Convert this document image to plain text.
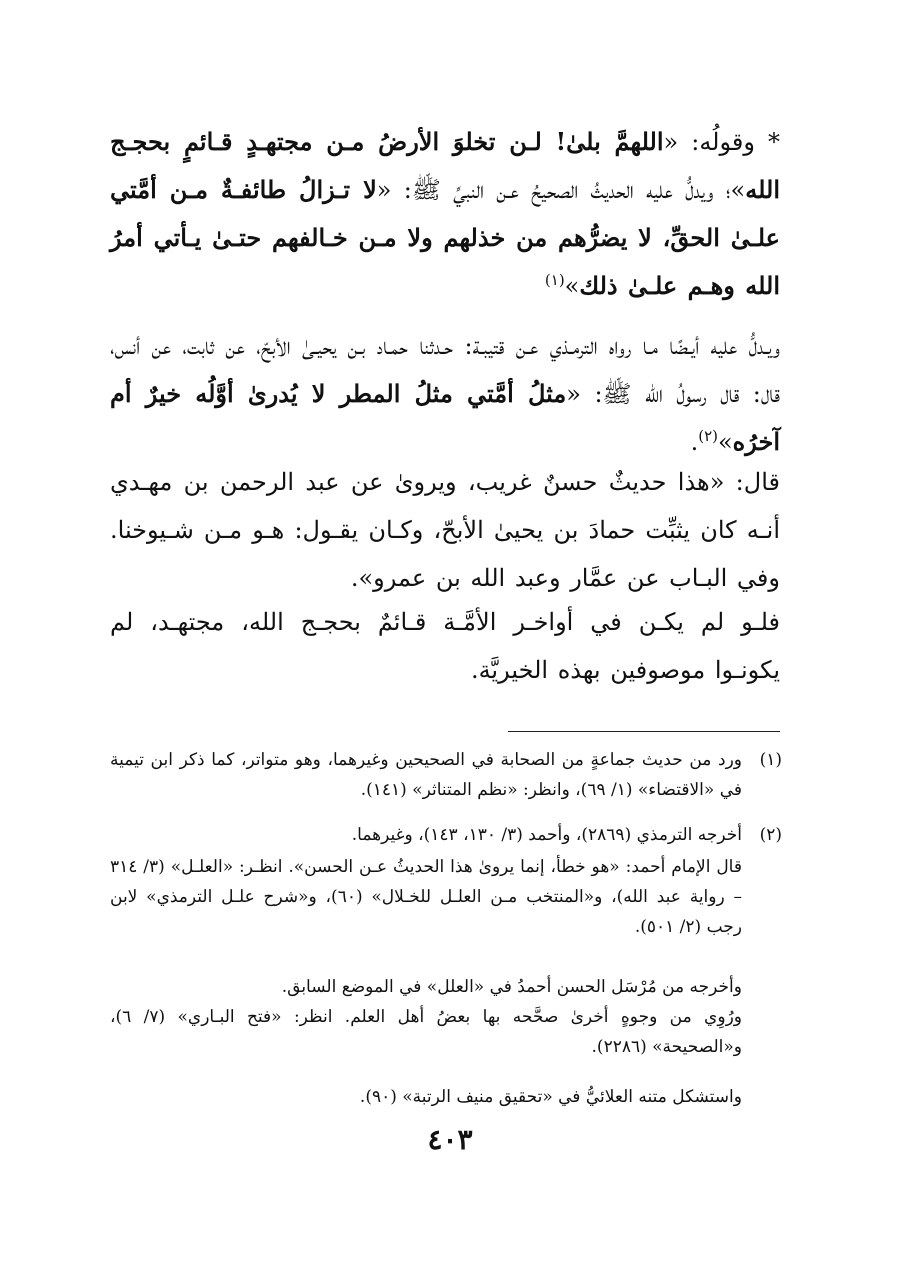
* وقولُه: «اللهمَّ بلىٰ! لـن تخلوَ الأرضُ مـن مجتهـدٍ قـائمٍ بحجـج الله»؛ ويدلُّ عليه الحديثُ الصحيحُ عـن النبيِّ ﷺ: «لا تـزالُ طائفـةٌ مـن أمَّتي علـىٰ الحقِّ، لا يضرُّهم من خذلهم ولا مـن خـالفهم حتـىٰ يـأتي أمرُ الله وهـم علـىٰ ذلك»$^{(١)}$
ويـدلُّ عليه أيـضًا مـا رواه الترمـذي عـن قتيبـة: حـدثنا حمـاد بـن يحيـىٰ الأبحّ، عن ثابت، عن أنس، قال: قال رسولُ الله ﷺ: «مثلُ أمَّتي مثلُ المطر لا يُدرىٰ أوَّلُه خيرٌ أم آخرُه»$^{(٢)}$.
قال: «هذا حديثٌ حسنٌ غريب، ويروىٰ عن عبد الرحمن بن مهـدي أنـه كان يثبِّت حمادَ بن يحيىٰ الأبحّ، وكـان يقـول: هـو مـن شـيوخنا. وفي البـاب عن عمَّار وعبد الله بن عمرو».
فلـو لم يكـن في أواخـر الأمَّـة قـائمٌ بحجـج الله، مجتهـد، لم يكونـوا موصوفين بهذه الخيريَّة.
(١)
ورد من حديث جماعةٍ من الصحابة في الصحيحين وغيرهما، وهو متواتر، كما ذكر ابن تيمية في «الاقتضاء» (١/ ٦٩)، وانظر: «نظم المتناثر» (١٤١).
(٢)
أخرجه الترمذي (٢٨٦٩)، وأحمد (٣/ ١٣٠، ١٤٣)، وغيرهما.
قال الإمام أحمد: «هو خطأ، إنما يروىٰ هذا الحديثُ عـن الحسن». انظـر: «العلـل» (٣/ ٣١٤ – رواية عبد الله)، و«المنتخب مـن العلـل للخـلال» (٦٠)، و«شرح علـل الترمذي» لابن رجب (٢/ ٥٠١).
وأخرجه من مُرْسَل الحسن أحمدُ في «العلل» في الموضع السابق.
ورُوِي من وجوهٍ أخرىٰ صحَّحه بها بعضُ أهل العلم. انظر: «فتح البـاري» (٧/ ٦)، و«الصحيحة» (٢٢٨٦).
واستشكل متنه العلائيُّ في «تحقيق منيف الرتبة» (٩٠).
٤٠٣
